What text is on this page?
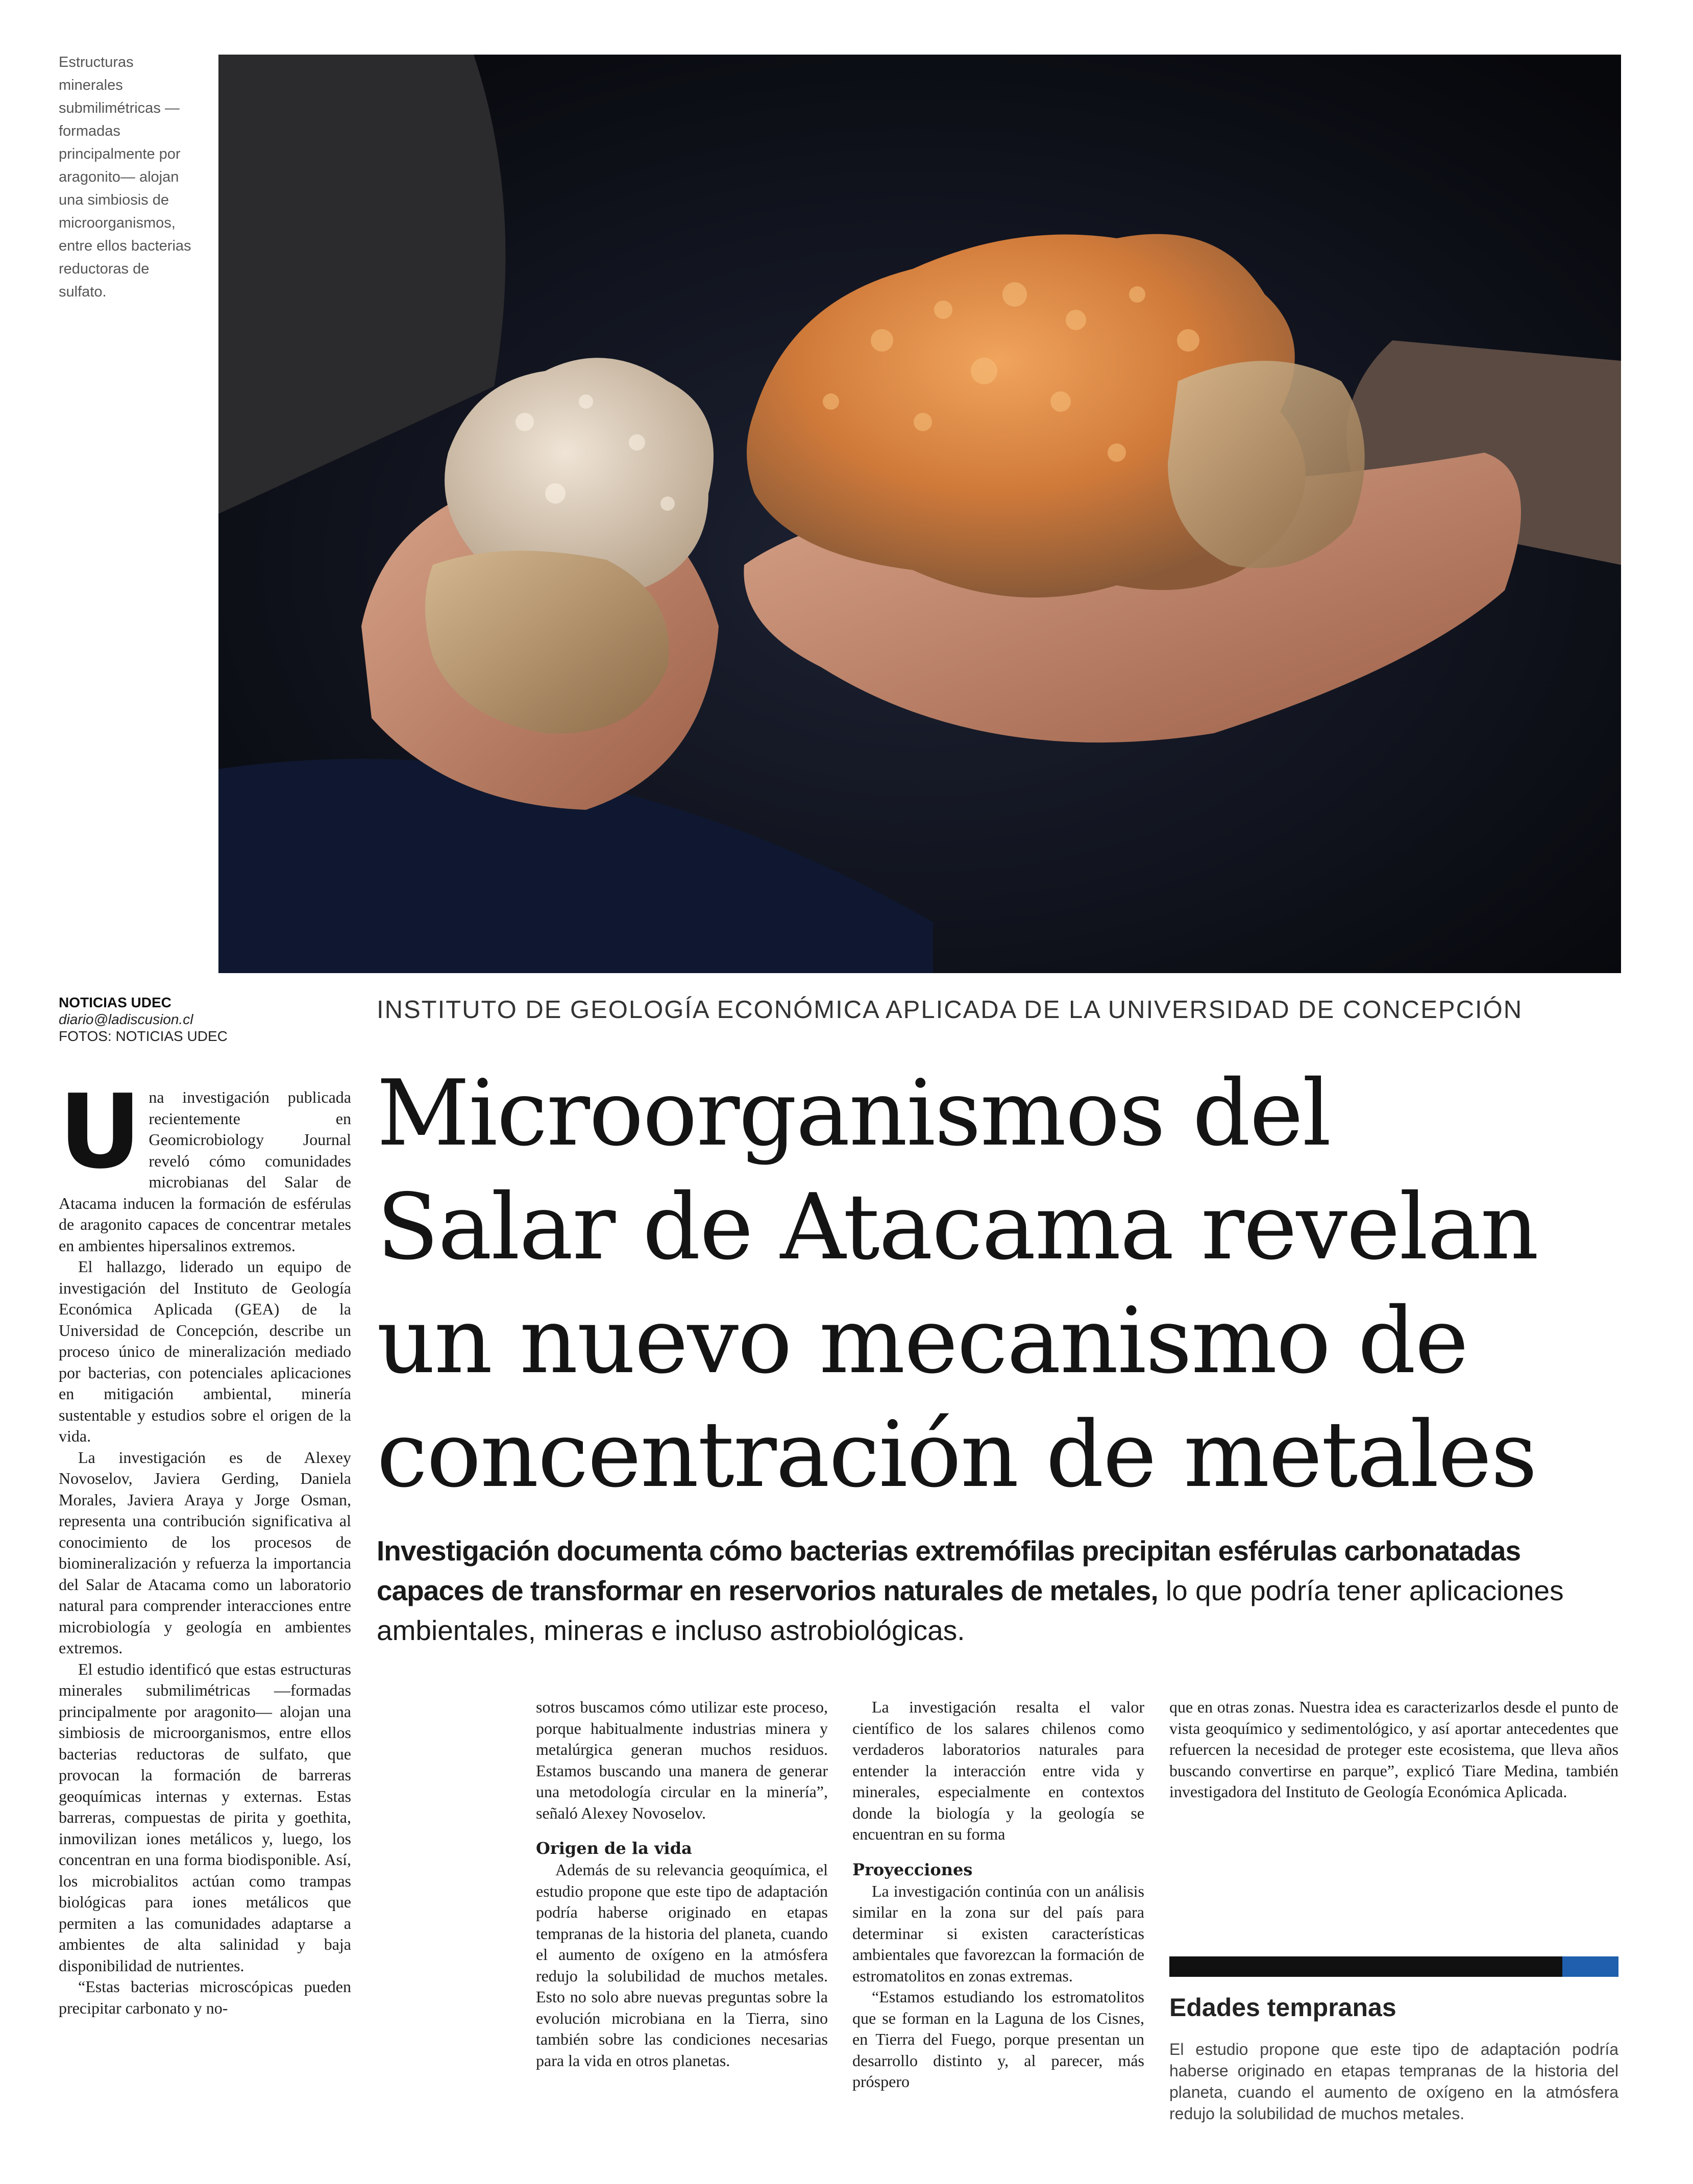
Estructuras minerales submilimétricas —formadas principalmente por aragonito— alojan una simbiosis de microorganismos, entre ellos bacterias reductoras de sulfato.
NOTICIAS UDEC
diario@ladiscusion.cl
FOTOS: NOTICIAS UDEC
INSTITUTO DE GEOLOGÍA ECONÓMICA APLICADA DE LA UNIVERSIDAD DE CONCEPCIÓN
Microorganismos del
Salar de Atacama revelan
un nuevo mecanismo de
concentración de metales
Investigación documenta cómo bacterias extremófilas precipitan esférulas carbonatadas capaces de transformar en reservorios naturales de metales, lo que podría tener aplicaciones ambientales, mineras e incluso astrobiológicas.

Una investigación publicada recientemente en Geomicrobiology Journal reveló cómo comunidades microbianas del Salar de Atacama inducen la formación de esférulas de aragonito capaces de concentrar metales en ambientes hipersalinos extremos.

El hallazgo, liderado un equipo de investigación del Instituto de Geología Económica Aplicada (GEA) de la Universidad de Concepción, describe un proceso único de mineralización mediado por bacterias, con potenciales aplicaciones en mitigación ambiental, minería sustentable y estudios sobre el origen de la vida.

La investigación es de Alexey Novoselov, Javiera Gerding, Daniela Morales, Javiera Araya y Jorge Osman, representa una contribución significativa al conocimiento de los procesos de biomineralización y refuerza la importancia del Salar de Atacama como un laboratorio natural para comprender interacciones entre microbiología y geología en ambientes extremos.

El estudio identificó que estas estructuras minerales submilimétricas —formadas principalmente por aragonito— alojan una simbiosis de microorganismos, entre ellos bacterias reductoras de sulfato, que provocan la formación de barreras geoquímicas internas y externas. Estas barreras, compuestas de pirita y goethita, inmovilizan iones metálicos y, luego, los concentran en una forma biodisponible. Así, los microbialitos actúan como trampas biológicas para iones metálicos que permiten a las comunidades adaptarse a ambientes de alta salinidad y baja disponibilidad de nutrientes.

“Estas bacterias microscópicas pueden precipitar carbonato y no-

sotros buscamos cómo utilizar este proceso, porque habitualmente industrias minera y metalúrgica generan muchos residuos. Estamos buscando una manera de generar una metodología circular en la minería”, señaló Alexey Novoselov.

Origen de la vida

Además de su relevancia geoquímica, el estudio propone que este tipo de adaptación podría haberse originado en etapas tempranas de la historia del planeta, cuando el aumento de oxígeno en la atmósfera redujo la solubilidad de muchos metales. Esto no solo abre nuevas preguntas sobre la evolución microbiana en la Tierra, sino también sobre las condiciones necesarias para la vida en otros planetas.

La investigación resalta el valor científico de los salares chilenos como verdaderos laboratorios naturales para entender la interacción entre vida y minerales, especialmente en contextos donde la biología y la geología se encuentran en su forma

Proyecciones

La investigación continúa con un análisis similar en la zona sur del país para determinar si existen características ambientales que favorezcan la formación de estromatolitos en zonas extremas.

“Estamos estudiando los estromatolitos que se forman en la Laguna de los Cisnes, en Tierra del Fuego, porque presentan un desarrollo distinto y, al parecer, más próspero

que en otras zonas. Nuestra idea es caracterizarlos desde el punto de vista geoquímico y sedimentológico, y así aportar antecedentes que refuercen la necesidad de proteger este ecosistema, que lleva años buscando convertirse en parque”, explicó Tiare Medina, también investigadora del Instituto de Geología Económica Aplicada.

Edades tempranas
El estudio propone que este tipo de adaptación podría haberse originado en etapas tempranas de la historia del planeta, cuando el aumento de oxígeno en la atmósfera redujo la solubilidad de muchos metales.
